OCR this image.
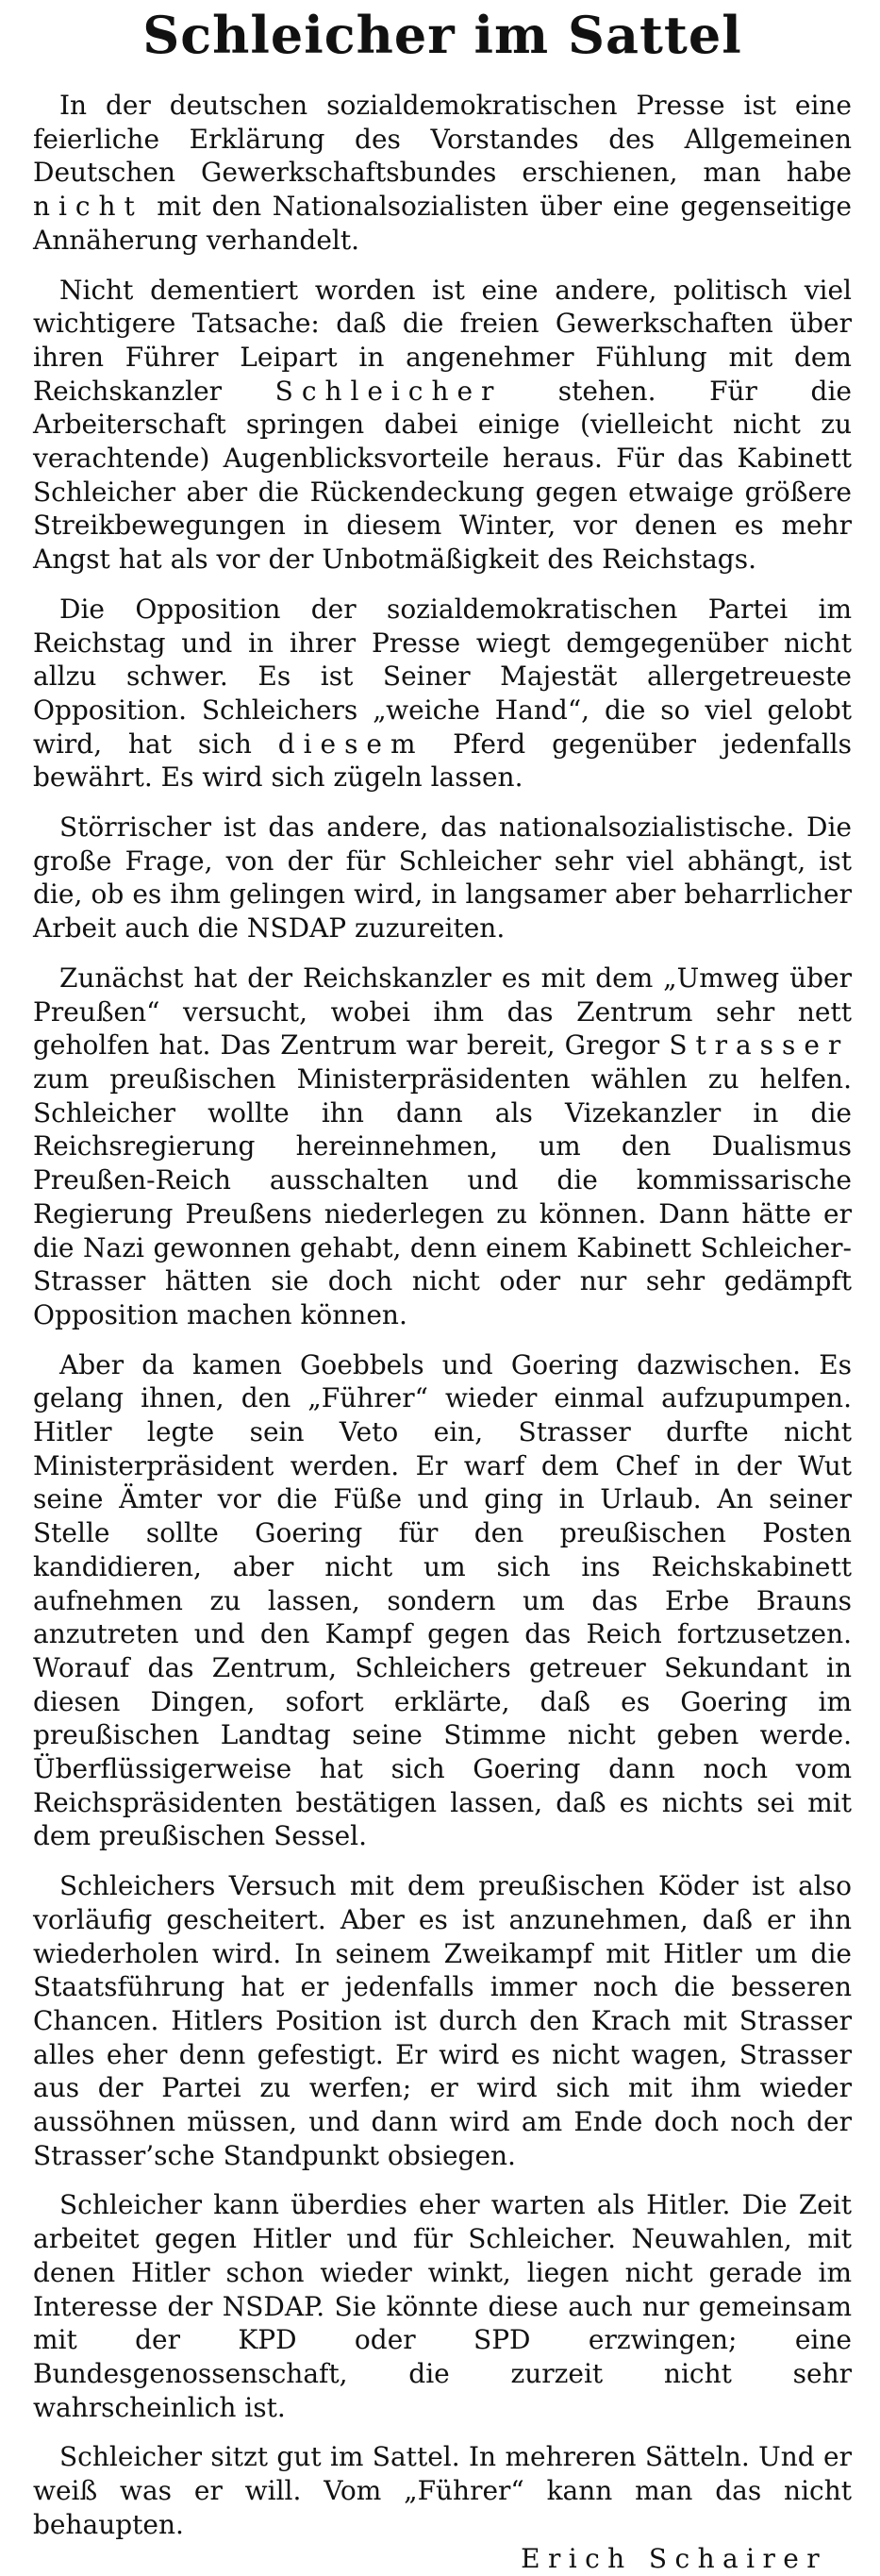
Schleicher im Sattel

In der deutschen sozialdemokratischen Presse ist eine feierliche Erklärung des Vorstandes des Allgemeinen Deutschen Gewerkschaftsbundes erschienen, man habe nicht mit den Nationalsozialisten über eine gegenseitige Annäherung verhandelt.

Nicht dementiert worden ist eine andere, politisch viel wichtigere Tatsache: daß die freien Gewerkschaften über ihren Führer Leipart in angenehmer Fühlung mit dem Reichskanzler Schleicher stehen. Für die Arbeiterschaft springen dabei einige (vielleicht nicht zu verachtende) Augenblicksvorteile heraus. Für das Kabinett Schleicher aber die Rückendeckung gegen etwaige größere Streikbewegungen in diesem Winter, vor denen es mehr Angst hat als vor der Unbotmäßigkeit des Reichstags.

Die Opposition der sozialdemokratischen Partei im Reichstag und in ihrer Presse wiegt demgegenüber nicht allzu schwer. Es ist Seiner Majestät allergetreueste Opposition. Schleichers „weiche Hand“, die so viel gelobt wird, hat sich diesem Pferd gegenüber jedenfalls bewährt. Es wird sich zügeln lassen.

Störrischer ist das andere, das nationalsozialistische. Die große Frage, von der für Schleicher sehr viel abhängt, ist die, ob es ihm gelingen wird, in langsamer aber beharrlicher Arbeit auch die NSDAP zuzureiten.

Zunächst hat der Reichskanzler es mit dem „Umweg über Preußen“ versucht, wobei ihm das Zentrum sehr nett geholfen hat. Das Zentrum war bereit, Gregor Strasser zum preußischen Ministerpräsidenten wählen zu helfen. Schleicher wollte ihn dann als Vizekanzler in die Reichsregierung hereinnehmen, um den Dualismus Preußen-Reich ausschalten und die kommissarische Regierung Preußens niederlegen zu können. Dann hätte er die Nazi gewonnen gehabt, denn einem Kabinett Schleicher-Strasser hätten sie doch nicht oder nur sehr gedämpft Opposition machen können.

Aber da kamen Goebbels und Goering dazwischen. Es gelang ihnen, den „Führer“ wieder einmal aufzupumpen. Hitler legte sein Veto ein, Strasser durfte nicht Ministerpräsident werden. Er warf dem Chef in der Wut seine Ämter vor die Füße und ging in Urlaub. An seiner Stelle sollte Goering für den preußischen Posten kandidieren, aber nicht um sich ins Reichskabinett aufnehmen zu lassen, sondern um das Erbe Brauns anzutreten und den Kampf gegen das Reich fortzusetzen. Worauf das Zentrum, Schleichers getreuer Sekundant in diesen Dingen, sofort erklärte, daß es Goering im preußischen Landtag seine Stimme nicht geben werde. Überflüssigerweise hat sich Goering dann noch vom Reichspräsidenten bestätigen lassen, daß es nichts sei mit dem preußischen Sessel.

Schleichers Versuch mit dem preußischen Köder ist also vorläufig gescheitert. Aber es ist anzunehmen, daß er ihn wiederholen wird. In seinem Zweikampf mit Hitler um die Staatsführung hat er jedenfalls immer noch die besseren Chancen. Hitlers Position ist durch den Krach mit Strasser alles eher denn gefestigt. Er wird es nicht wagen, Strasser aus der Partei zu werfen; er wird sich mit ihm wieder aussöhnen müssen, und dann wird am Ende doch noch der Strasser’sche Standpunkt obsiegen.

Schleicher kann überdies eher warten als Hitler. Die Zeit arbeitet gegen Hitler und für Schleicher. Neuwahlen, mit denen Hitler schon wieder winkt, liegen nicht gerade im Interesse der NSDAP. Sie könnte diese auch nur gemeinsam mit der KPD oder SPD erzwingen; eine Bundesgenossenschaft, die zurzeit nicht sehr wahrscheinlich ist.

Schleicher sitzt gut im Sattel. In mehreren Sätteln. Und er weiß was er will. Vom „Führer“ kann man das nicht behaupten.

Erich Schairer
